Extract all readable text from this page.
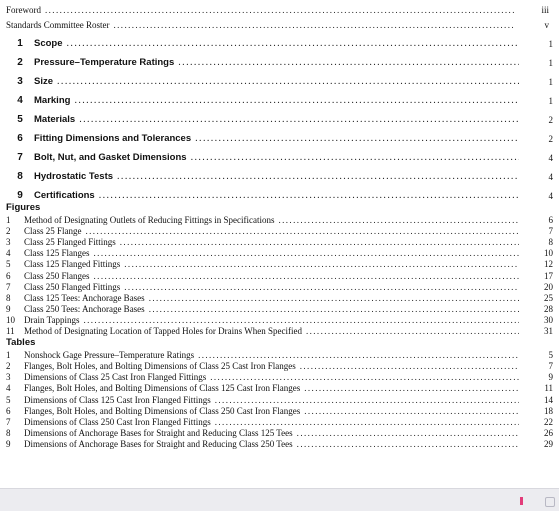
Foreword .....	iii
Standards Committee Roster .....	v
1	Scope .....	1
2	Pressure–Temperature Ratings .....	1
3	Size .....	1
4	Marking .....	1
5	Materials .....	2
6	Fitting Dimensions and Tolerances .....	2
7	Bolt, Nut, and Gasket Dimensions .....	4
8	Hydrostatic Tests .....	4
9	Certifications .....	4
Figures
1	Method of Designating Outlets of Reducing Fittings in Specifications .....	6
2	Class 25 Flange .....	7
3	Class 25 Flanged Fittings .....	8
4	Class 125 Flanges .....	10
5	Class 125 Flanged Fittings .....	12
6	Class 250 Flanges .....	17
7	Class 250 Flanged Fittings .....	20
8	Class 125 Tees: Anchorage Bases .....	25
9	Class 250 Tees: Anchorage Bases .....	28
10	Drain Tappings .....	30
11	Method of Designating Location of Tapped Holes for Drains When Specified .....	31
Tables
1	Nonshock Gage Pressure–Temperature Ratings .....	5
2	Flanges, Bolt Holes, and Bolting Dimensions of Class 25 Cast Iron Flanges .....	7
3	Dimensions of Class 25 Cast Iron Flanged Fittings .....	9
4	Flanges, Bolt Holes, and Bolting Dimensions of Class 125 Cast Iron Flanges .....	11
5	Dimensions of Class 125 Cast Iron Flanged Fittings .....	14
6	Flanges, Bolt Holes, and Bolting Dimensions of Class 250 Cast Iron Flanges .....	18
7	Dimensions of Class 250 Cast Iron Flanged Fittings .....	22
8	Dimensions of Anchorage Bases for Straight and Reducing Class 125 Tees .....	26
9	Dimensions of Anchorage Bases for Straight and Reducing Class 250 Tees .....	29
